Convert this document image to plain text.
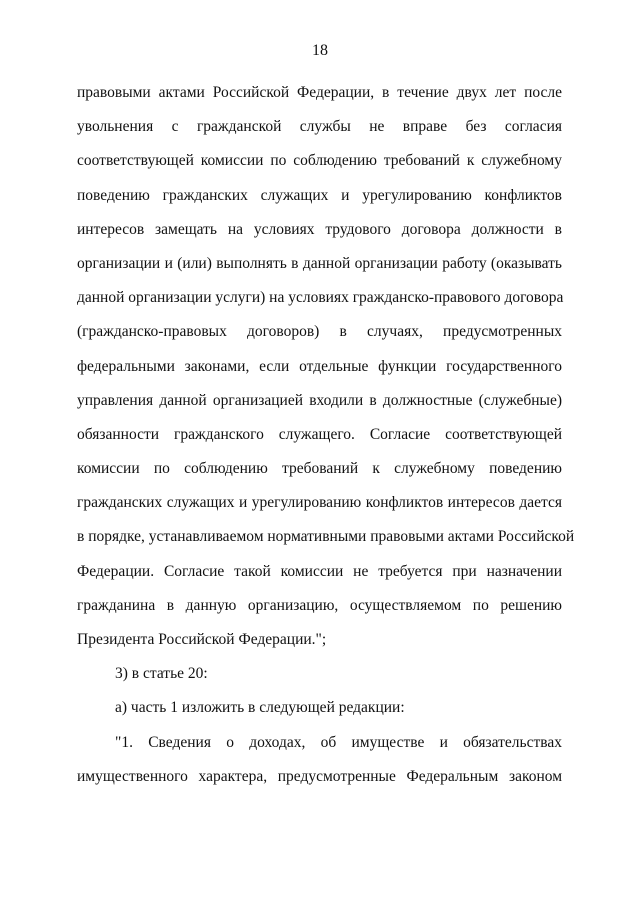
18
правовыми актами Российской Федерации, в течение двух лет после
увольнения с гражданской службы не вправе без согласия
соответствующей комиссии по соблюдению требований к служебному
поведению гражданских служащих и урегулированию конфликтов
интересов замещать на условиях трудового договора должности в
организации и (или) выполнять в данной организации работу (оказывать
данной организации услуги) на условиях гражданско-правового договора
(гражданско-правовых договоров) в случаях, предусмотренных
федеральными законами, если отдельные функции государственного
управления данной организацией входили в должностные (служебные)
обязанности гражданского служащего. Согласие соответствующей
комиссии по соблюдению требований к служебному поведению
гражданских служащих и урегулированию конфликтов интересов дается
в порядке, устанавливаемом нормативными правовыми актами Российской
Федерации. Согласие такой комиссии не требуется при назначении
гражданина в данную организацию, осуществляемом по решению
Президента Российской Федерации.";
3) в статье 20:
а) часть 1 изложить в следующей редакции:
"1. Сведения о доходах, об имуществе и обязательствах
имущественного характера, предусмотренные Федеральным законом
